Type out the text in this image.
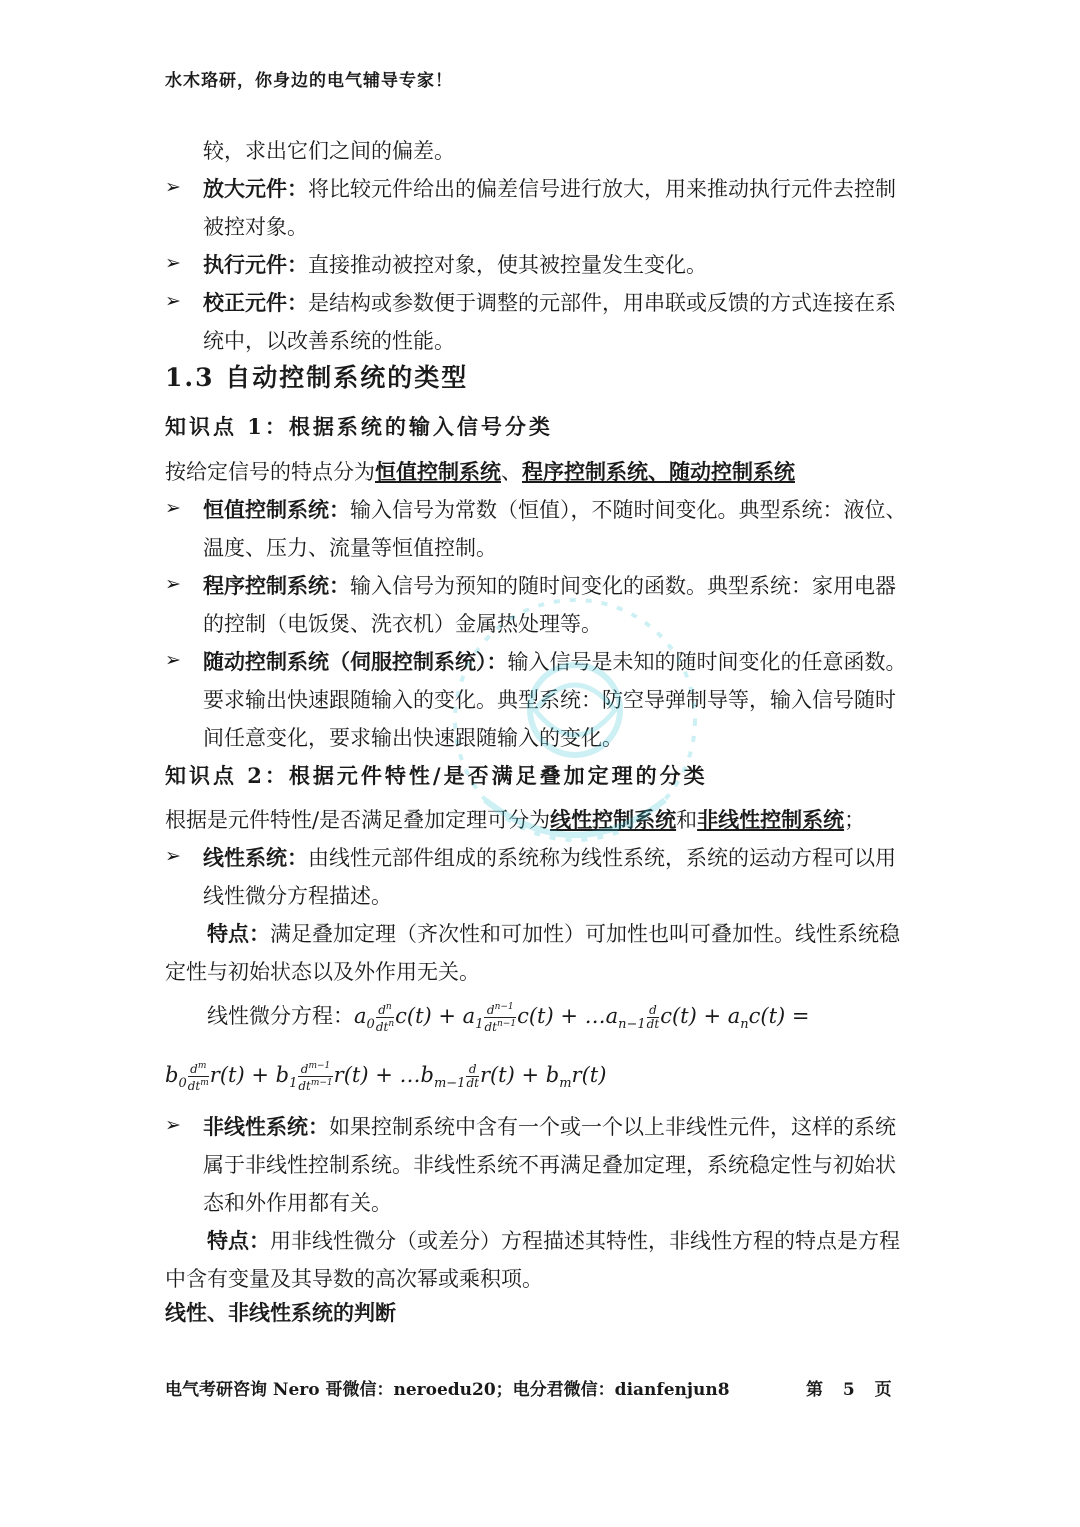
水木珞研，你身边的电气辅导专家！
较，求出它们之间的偏差。
➢ 放大元件：将比较元件给出的偏差信号进行放大，用来推动执行元件去控制
被控对象。
➢ 执行元件：直接推动被控对象，使其被控量发生变化。
➢ 校正元件：是结构或参数便于调整的元部件，用串联或反馈的方式连接在系
统中，以改善系统的性能。
1.3 自动控制系统的类型
知识点 1：根据系统的输入信号分类
按给定信号的特点分为恒值控制系统、程序控制系统、随动控制系统
➢ 恒值控制系统：输入信号为常数（恒值），不随时间变化。典型系统：液位、
温度、压力、流量等恒值控制。
➢ 程序控制系统：输入信号为预知的随时间变化的函数。典型系统：家用电器
的控制（电饭煲、洗衣机）金属热处理等。
➢ 随动控制系统（伺服控制系统）：输入信号是未知的随时间变化的任意函数。
要求输出快速跟随输入的变化。典型系统：防空导弹制导等，输入信号随时
间任意变化，要求输出快速跟随输入的变化。
知识点 2：根据元件特性/是否满足叠加定理的分类
根据是元件特性/是否满足叠加定理可分为线性控制系统和非线性控制系统；
➢ 线性系统：由线性元部件组成的系统称为线性系统，系统的运动方程可以用
线性微分方程描述。
特点：满足叠加定理（齐次性和可加性）可加性也叫可叠加性。线性系统稳
定性与初始状态以及外作用无关。
线性微分方程：$a_0 \frac{d^n}{dt^n} c(t) + a_1 \frac{d^{n-1}}{dt^{n-1}} c(t)$ + $\dots a_{n-1} \frac{d}{dt} c(t) + a_nc(t)$ =
$b_0 \frac{d^m}{dt^m} r(t) + b_1 \frac{d^{m-1}}{dt^{m-1}} r(t)$ + $\dots b_{m-1} \frac{d}{dt} r(t) + b_mr(t)$
➢ 非线性系统：如果控制系统中含有一个或一个以上非线性元件，这样的系统
属于非线性控制系统。非线性系统不再满足叠加定理，系统稳定性与初始状
态和外作用都有关。
特点：用非线性微分（或差分）方程描述其特性，非线性方程的特点是方程
中含有变量及其导数的高次幂或乘积项。
线性、非线性系统的判断
电气考研咨询 Nero 哥微信：neroedu20；电分君微信：dianfenjun8	第 5 页
